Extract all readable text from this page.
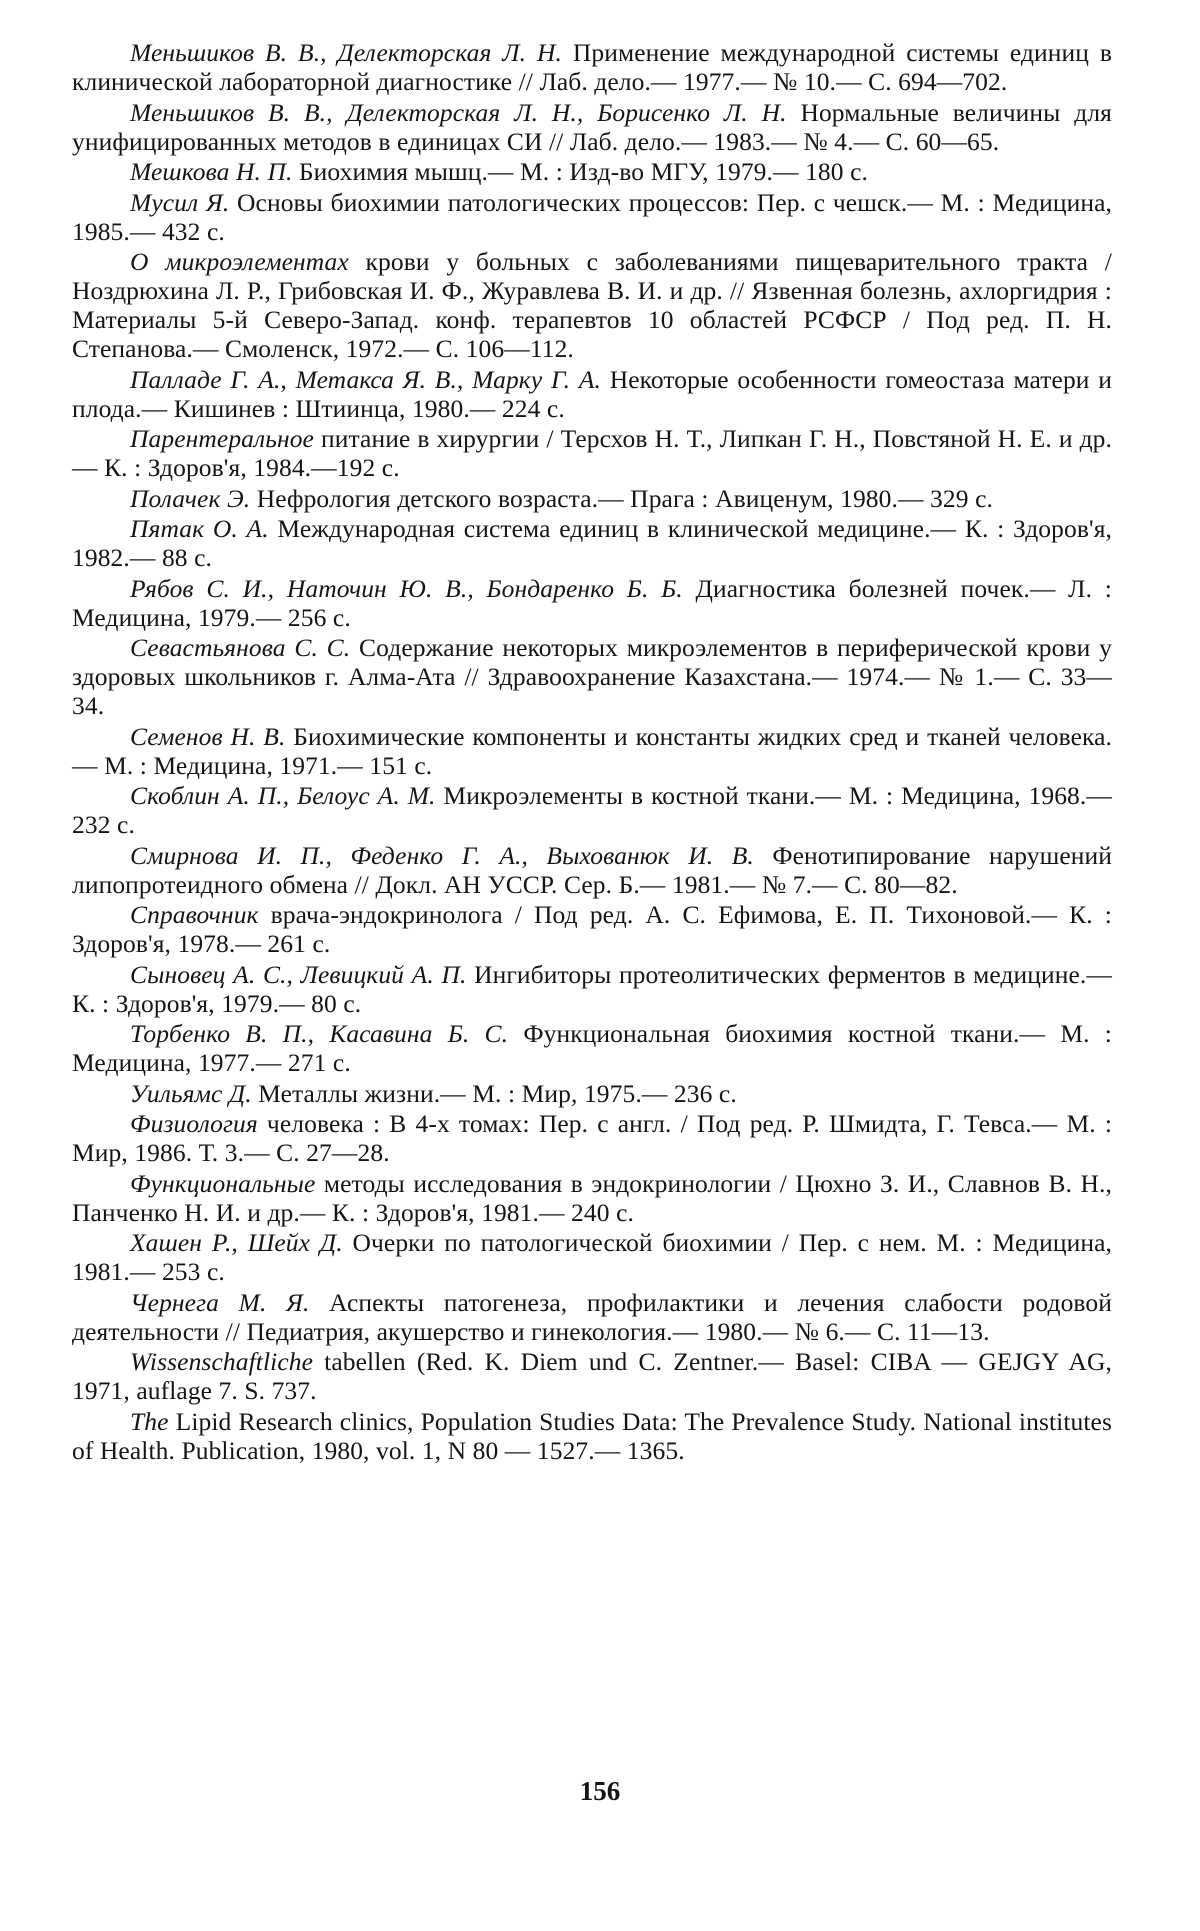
Меньшиков В. В., Делекторская Л. Н. Применение международной системы единиц в клинической лабораторной диагностике // Лаб. дело.— 1977.— № 10.— С. 694—702.

Меньшиков В. В., Делекторская Л. Н., Борисенко Л. Н. Нормальные величины для унифицированных методов в единицах СИ // Лаб. дело.— 1983.— № 4.— С. 60—65.

Мешкова Н. П. Биохимия мышц.— М. : Изд-во МГУ, 1979.— 180 с.

Мусил Я. Основы биохимии патологических процессов: Пер. с чешск.— М. : Медицина, 1985.— 432 с.

О микроэлементах крови у больных с заболеваниями пищеварительного тракта / Ноздрюхина Л. Р., Грибовская И. Ф., Журавлева В. И. и др. // Язвенная болезнь, ахлоргидрия : Материалы 5-й Северо-Запад. конф. терапевтов 10 областей РСФСР / Под ред. П. Н. Степанова.— Смоленск, 1972.— С. 106—112.

Палладе Г. А., Метакса Я. В., Марку Г. А. Некоторые особенности гомеостаза матери и плода.— Кишинев : Штиинца, 1980.— 224 с.

Парентеральное питание в хирургии / Терсхов Н. Т., Липкан Г. Н., Повстяной Н. Е. и др.— К. : Здоров'я, 1984.—192 с.

Полачек Э. Нефрология детского возраста.— Прага : Авиценум, 1980.— 329 с.

Пятак О. А. Международная система единиц в клинической медицине.— К. : Здоров'я, 1982.— 88 с.

Рябов С. И., Наточин Ю. В., Бондаренко Б. Б. Диагностика болезней почек.— Л. : Медицина, 1979.— 256 с.

Севастьянова С. С. Содержание некоторых микроэлементов в периферической крови у здоровых школьников г. Алма-Ата // Здравоохранение Казахстана.— 1974.— № 1.— С. 33—34.

Семенов Н. В. Биохимические компоненты и константы жидких сред и тканей человека.— М. : Медицина, 1971.— 151 с.

Скоблин А. П., Белоус А. М. Микроэлементы в костной ткани.— М. : Медицина, 1968.— 232 с.

Смирнова И. П., Феденко Г. А., Выхованюк И. В. Фенотипирование нарушений липопротеидного обмена // Докл. АН УССР. Сер. Б.— 1981.— № 7.— С. 80—82.

Справочник врача-эндокринолога / Под ред. А. С. Ефимова, Е. П. Тихоновой.— К. : Здоров'я, 1978.— 261 с.

Сыновец А. С., Левицкий А. П. Ингибиторы протеолитических ферментов в медицине.— К. : Здоров'я, 1979.— 80 с.

Торбенко В. П., Касавина Б. С. Функциональная биохимия костной ткани.— М. : Медицина, 1977.— 271 с.

Уильямс Д. Металлы жизни.— М. : Мир, 1975.— 236 с.

Физиология человека : В 4-х томах: Пер. с англ. / Под ред. Р. Шмидта, Г. Тевса.— М. : Мир, 1986. Т. 3.— С. 27—28.

Функциональные методы исследования в эндокринологии / Цюхно З. И., Славнов В. Н., Панченко Н. И. и др.— К. : Здоров'я, 1981.— 240 с.

Хашен Р., Шейх Д. Очерки по патологической биохимии / Пер. с нем. М. : Медицина, 1981.— 253 с.

Чернега М. Я. Аспекты патогенеза, профилактики и лечения слабости родовой деятельности // Педиатрия, акушерство и гинекология.— 1980.— № 6.— С. 11—13.

Wissenschaftliche tabellen (Red. K. Diem und C. Zentner.— Basel: CIBA — GEJGY AG, 1971, auflage 7. S. 737.

The Lipid Research clinics, Population Studies Data: The Prevalence Study. National institutes of Health. Publication, 1980, vol. 1, N 80 — 1527.— 1365.

156
